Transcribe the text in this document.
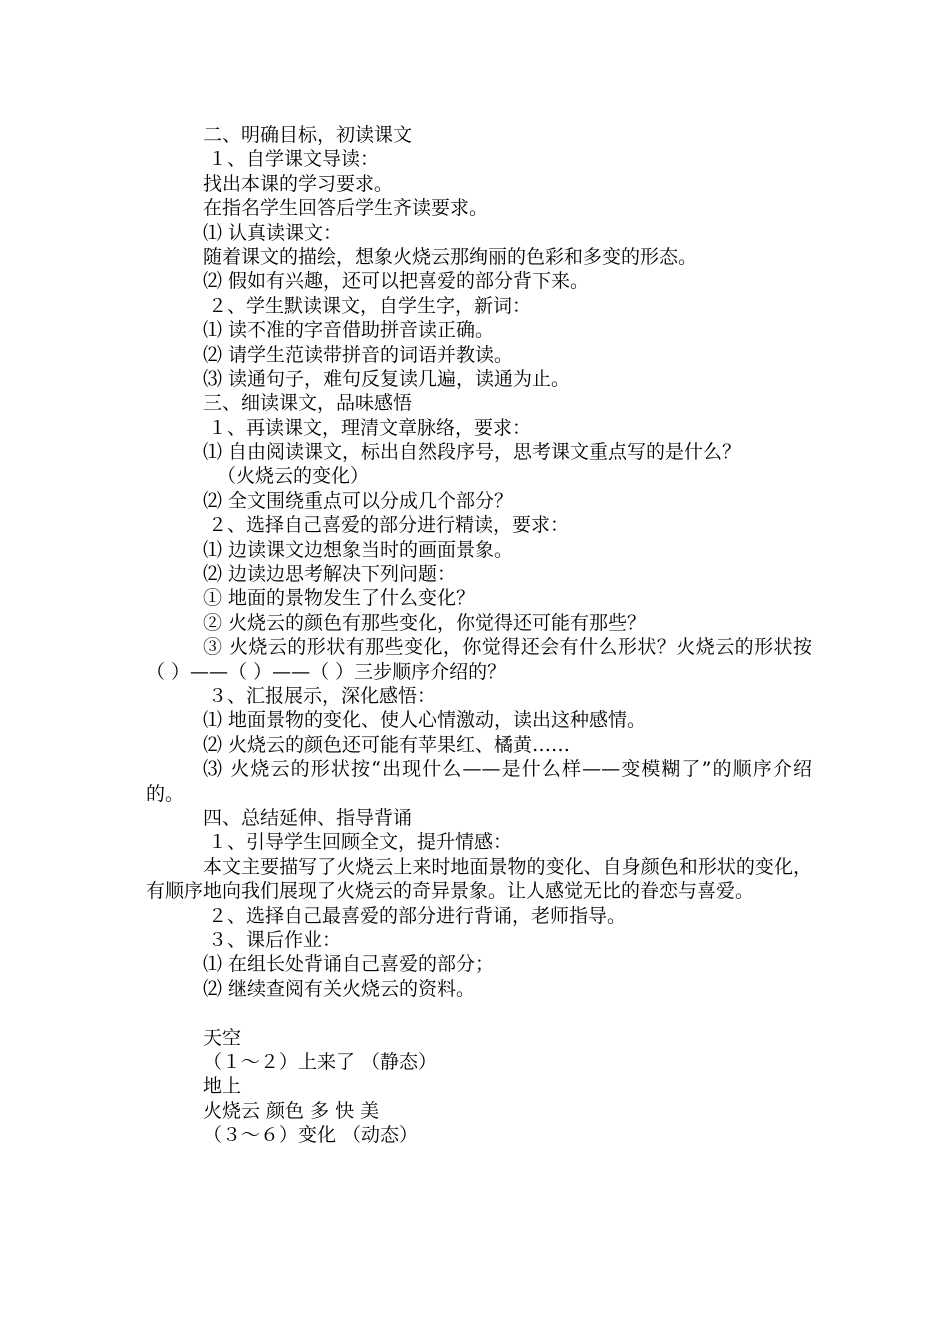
二、明确目标，初读课文
１、自学课文导读：
找出本课的学习要求。
在指名学生回答后学生齐读要求。
⑴ 认真读课文：
随着课文的描绘，想象火烧云那绚丽的色彩和多变的形态。
⑵ 假如有兴趣，还可以把喜爱的部分背下来。
２、学生默读课文，自学生字，新词：
⑴ 读不准的字音借助拼音读正确。
⑵ 请学生范读带拼音的词语并教读。
⑶ 读通句子，难句反复读几遍，读通为止。
三、细读课文，品味感悟
１、再读课文，理清文章脉络，要求：
⑴ 自由阅读课文，标出自然段序号，思考课文重点写的是什么？
（火烧云的变化）
⑵ 全文围绕重点可以分成几个部分？
２、选择自己喜爱的部分进行精读，要求：
⑴ 边读课文边想象当时的画面景象。
⑵ 边读边思考解决下列问题：
① 地面的景物发生了什么变化？
② 火烧云的颜色有那些变化，你觉得还可能有那些？
③ 火烧云的形状有那些变化，你觉得还会有什么形状？火烧云的形状按（ ）——（ ）——（ ）三步顺序介绍的？
３、汇报展示，深化感悟：
⑴ 地面景物的变化、使人心情激动，读出这种感情。
⑵ 火烧云的颜色还可能有苹果红、橘黄……
⑶ 火烧云的形状按“出现什么——是什么样——变模糊了”的顺序介绍的。
四、总结延伸、指导背诵
１、引导学生回顾全文，提升情感：
本文主要描写了火烧云上来时地面景物的变化、自身颜色和形状的变化，有顺序地向我们展现了火烧云的奇异景象。让人感觉无比的眷恋与喜爱。
２、选择自己最喜爱的部分进行背诵，老师指导。
３、课后作业：
⑴ 在组长处背诵自己喜爱的部分；
⑵ 继续查阅有关火烧云的资料。
天空
（１～２）上来了 （静态）
地上
火烧云 颜色 多 快 美
（３～６）变化 （动态）
